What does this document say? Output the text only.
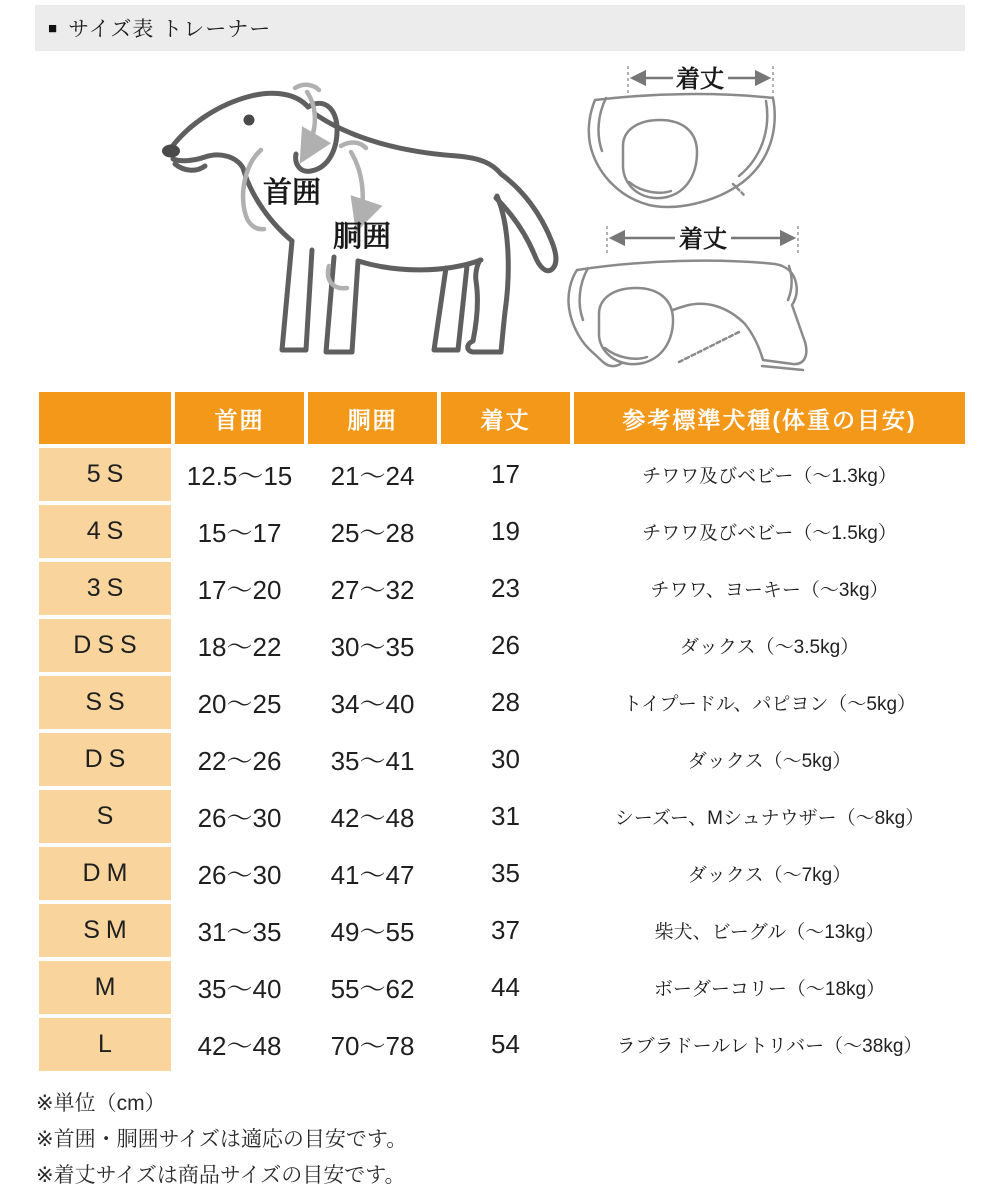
■ サイズ表 トレーナー
首囲
胴囲
着丈
着丈
	首囲	胴囲	着丈	参考標準犬種(体重の目安)
5S	12.5〜15	21〜24	17	チワワ及びベビー（〜1.3kg）
4S	15〜17	25〜28	19	チワワ及びベビー（〜1.5kg）
3S	17〜20	27〜32	23	チワワ、ヨーキー（〜3kg）
DSS	18〜22	30〜35	26	ダックス（〜3.5kg）
SS	20〜25	34〜40	28	トイプードル、パピヨン（〜5kg）
DS	22〜26	35〜41	30	ダックス（〜5kg）
S	26〜30	42〜48	31	シーズー、Mシュナウザー（〜8kg）
DM	26〜30	41〜47	35	ダックス（〜7kg）
SM	31〜35	49〜55	37	柴犬、ビーグル（〜13kg）
M	35〜40	55〜62	44	ボーダーコリー（〜18kg）
L	42〜48	70〜78	54	ラブラドールレトリバー（〜38kg）
※単位（cm）
※首囲・胴囲サイズは適応の目安です。
※着丈サイズは商品サイズの目安です。
